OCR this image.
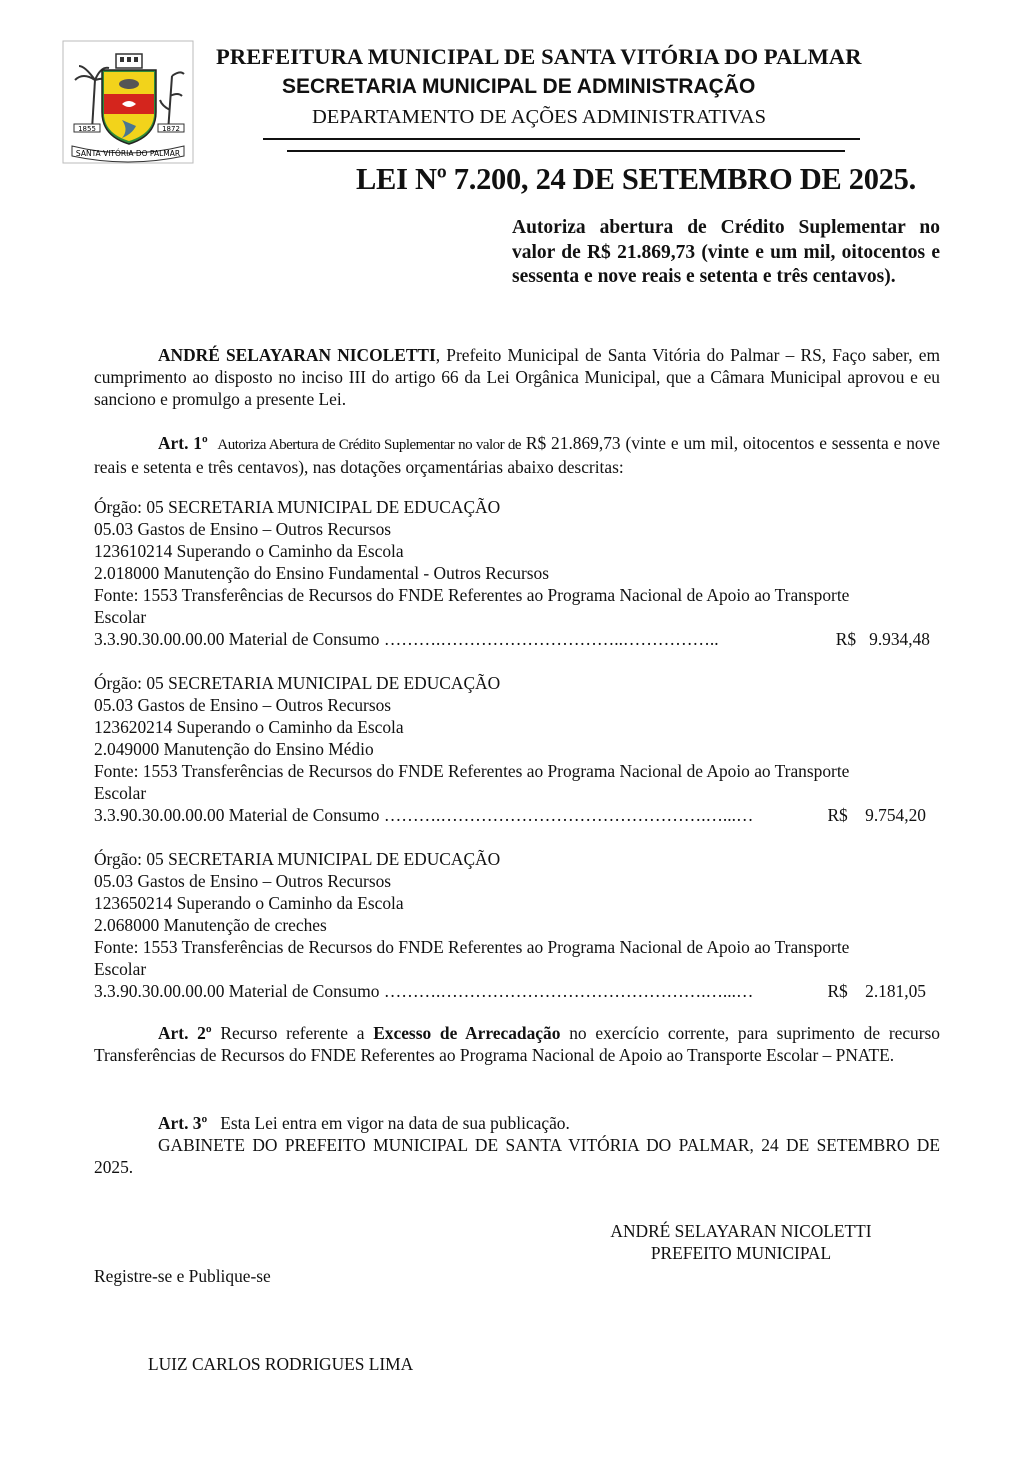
1855	1872
SANTA VITÓRIA DO PALMAR
PREFEITURA MUNICIPAL DE SANTA VITÓRIA DO PALMAR
SECRETARIA MUNICIPAL DE ADMINISTRAÇÃO
DEPARTAMENTO DE AÇÕES ADMINISTRATIVAS
LEI Nº 7.200, 24 DE SETEMBRO DE 2025.
Autoriza abertura de Crédito Suplementar no valor de R$ 21.869,73 (vinte e um mil, oitocentos e sessenta e nove reais e setenta e três centavos).
ANDRÉ SELAYARAN NICOLETTI, Prefeito Municipal de Santa Vitória do Palmar – RS, Faço saber, em cumprimento ao disposto no inciso III do artigo 66 da Lei Orgânica Municipal, que a Câmara Municipal aprovou e eu sanciono e promulgo a presente Lei.
Art. 1º Autoriza Abertura de Crédito Suplementar no valor de R$ 21.869,73 (vinte e um mil, oitocentos e sessenta e nove reais e setenta e três centavos), nas dotações orçamentárias abaixo descritas:
Órgão: 05 SECRETARIA MUNICIPAL DE EDUCAÇÃO
05.03 Gastos de Ensino – Outros Recursos
123610214 Superando o Caminho da Escola
2.018000 Manutenção do Ensino Fundamental - Outros Recursos
Fonte: 1553 Transferências de Recursos do FNDE Referentes ao Programa Nacional de Apoio ao Transporte
Escolar
3.3.90.30.00.00.00 Material de Consumo ……….…………………………..……………..	R$ 9.934,48
Órgão: 05 SECRETARIA MUNICIPAL DE EDUCAÇÃO
05.03 Gastos de Ensino – Outros Recursos
123620214 Superando o Caminho da Escola
2.049000 Manutenção do Ensino Médio
Fonte: 1553 Transferências de Recursos do FNDE Referentes ao Programa Nacional de Apoio ao Transporte
Escolar
3.3.90.30.00.00.00 Material de Consumo ……….……………………………………….…...…	R$ 9.754,20
Órgão: 05 SECRETARIA MUNICIPAL DE EDUCAÇÃO
05.03 Gastos de Ensino – Outros Recursos
123650214 Superando o Caminho da Escola
2.068000 Manutenção de creches
Fonte: 1553 Transferências de Recursos do FNDE Referentes ao Programa Nacional de Apoio ao Transporte
Escolar
3.3.90.30.00.00.00 Material de Consumo ……….……………………………………….…...…	R$ 2.181,05
Art. 2º Recurso referente a Excesso de Arrecadação no exercício corrente, para suprimento de recurso Transferências de Recursos do FNDE Referentes ao Programa Nacional de Apoio ao Transporte Escolar – PNATE.
Art. 3º   Esta Lei entra em vigor na data de sua publicação.
GABINETE DO PREFEITO MUNICIPAL DE SANTA VITÓRIA DO PALMAR, 24 DE SETEMBRO DE 2025.
ANDRÉ SELAYARAN NICOLETTI
PREFEITO MUNICIPAL
Registre-se e Publique-se
LUIZ CARLOS RODRIGUES LIMA
